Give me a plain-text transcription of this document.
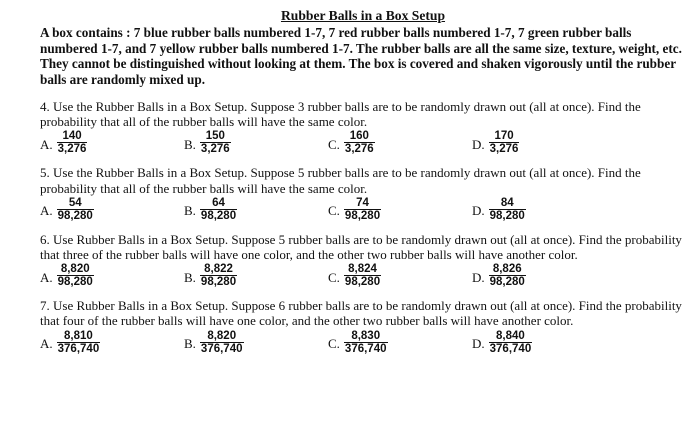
Rubber Balls in a Box Setup
A box contains : 7 blue rubber balls numbered 1-7, 7 red rubber balls numbered 1-7, 7 green rubber balls numbered 1-7, and 7 yellow rubber balls numbered 1-7. The rubber balls are all the same size, texture, weight, etc. They cannot be distinguished without looking at them. The box is covered and shaken vigorously until the rubber balls are randomly mixed up.

4. Use the Rubber Balls in a Box Setup. Suppose 3 rubber balls are to be randomly drawn out (all at once). Find the probability that all of the rubber balls will have the same color.

A. $\frac{140}{3,276}$	B. $\frac{150}{3,276}$	C. $\frac{160}{3,276}$	D. $\frac{170}{3,276}$

5. Use the Rubber Balls in a Box Setup. Suppose 5 rubber balls are to be randomly drawn out (all at once). Find the probability that all of the rubber balls will have the same color.

A. $\frac{54}{98,280}$	B. $\frac{64}{98,280}$	C. $\frac{74}{98,280}$	D. $\frac{84}{98,280}$

6. Use Rubber Balls in a Box Setup. Suppose 5 rubber balls are to be randomly drawn out (all at once). Find the probability that three of the rubber balls will have one color, and the other two rubber balls will have another color.

A. $\frac{8,820}{98,280}$	B. $\frac{8,822}{98,280}$	C. $\frac{8,824}{98,280}$	D. $\frac{8,826}{98,280}$

7. Use Rubber Balls in a Box Setup. Suppose 6 rubber balls are to be randomly drawn out (all at once). Find the probability that four of the rubber balls will have one color, and the other two rubber balls will have another color.

A. $\frac{8,810}{376,740}$	B. $\frac{8,820}{376,740}$	C. $\frac{8,830}{376,740}$	D. $\frac{8,840}{376,740}$
